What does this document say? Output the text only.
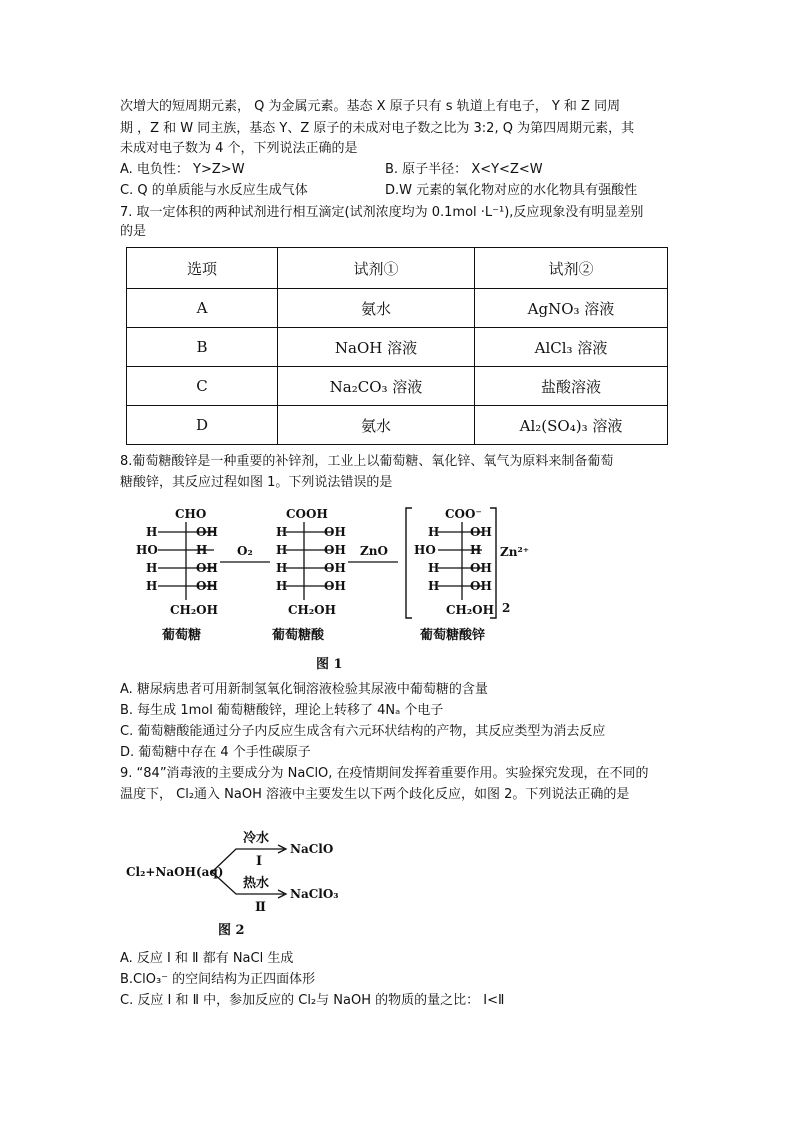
次增大的短周期元素， Q 为金属元素。基态 X 原子只有 s 轨道上有电子， Y 和 Z 同周
期 ，Z 和 W 同主族，基态 Y、Z 原子的未成对电子数之比为 3:2, Q 为第四周期元素，其
未成对电子数为 4 个，下列说法正确的是
A. 电负性： Y>Z>W	B. 原子半径： X<Y<Z<W
C. Q 的单质能与水反应生成气体	D.W 元素的氧化物对应的水化物具有强酸性
7. 取一定体积的两种试剂进行相互滴定(试剂浓度均为 0.1mol ·L⁻¹),反应现象没有明显差别
的是
选项	试剂①	试剂②
A	氨水	AgNO₃ 溶液
B	NaOH 溶液	AlCl₃ 溶液
C	Na₂CO₃ 溶液	盐酸溶液
D	氨水	Al₂(SO₄)₃ 溶液
8.葡萄糖酸锌是一种重要的补锌剂，工业上以葡萄糖、氧化锌、氧气为原料来制备葡萄
糖酸锌，其反应过程如图 1。下列说法错误的是
CHO
H	OH
HO	H
H	OH
H	OH
CH₂OH
O₂
COOH
H	OH
H	OH
H	OH
H	OH
CH₂OH
ZnO
COO⁻
H	OH
HO	H
H	OH
H	OH
CH₂OH
Zn²⁺
2
葡萄糖	葡萄糖酸	葡萄糖酸锌
图 1
A. 糖尿病患者可用新制氢氧化铜溶液检验其尿液中葡萄糖的含量
B. 每生成 1mol 葡萄糖酸锌，理论上转移了 4Nₐ 个电子
C. 葡萄糖酸能通过分子内反应生成含有六元环状结构的产物，其反应类型为消去反应
D. 葡萄糖中存在 4 个手性碳原子
9. “84”消毒液的主要成分为 NaClO, 在疫情期间发挥着重要作用。实验探究发现，在不同的
温度下， Cl₂通入 NaOH 溶液中主要发生以下两个歧化反应，如图 2。下列说法正确的是
Cl₂+NaOH(aq)
冷水
Ⅰ
NaClO
热水
Ⅱ
NaClO₃
图 2
A. 反应 Ⅰ 和 Ⅱ 都有 NaCl 生成
B.ClO₃⁻ 的空间结构为正四面体形
C. 反应 Ⅰ 和 Ⅱ 中，参加反应的 Cl₂与 NaOH 的物质的量之比： Ⅰ<Ⅱ
